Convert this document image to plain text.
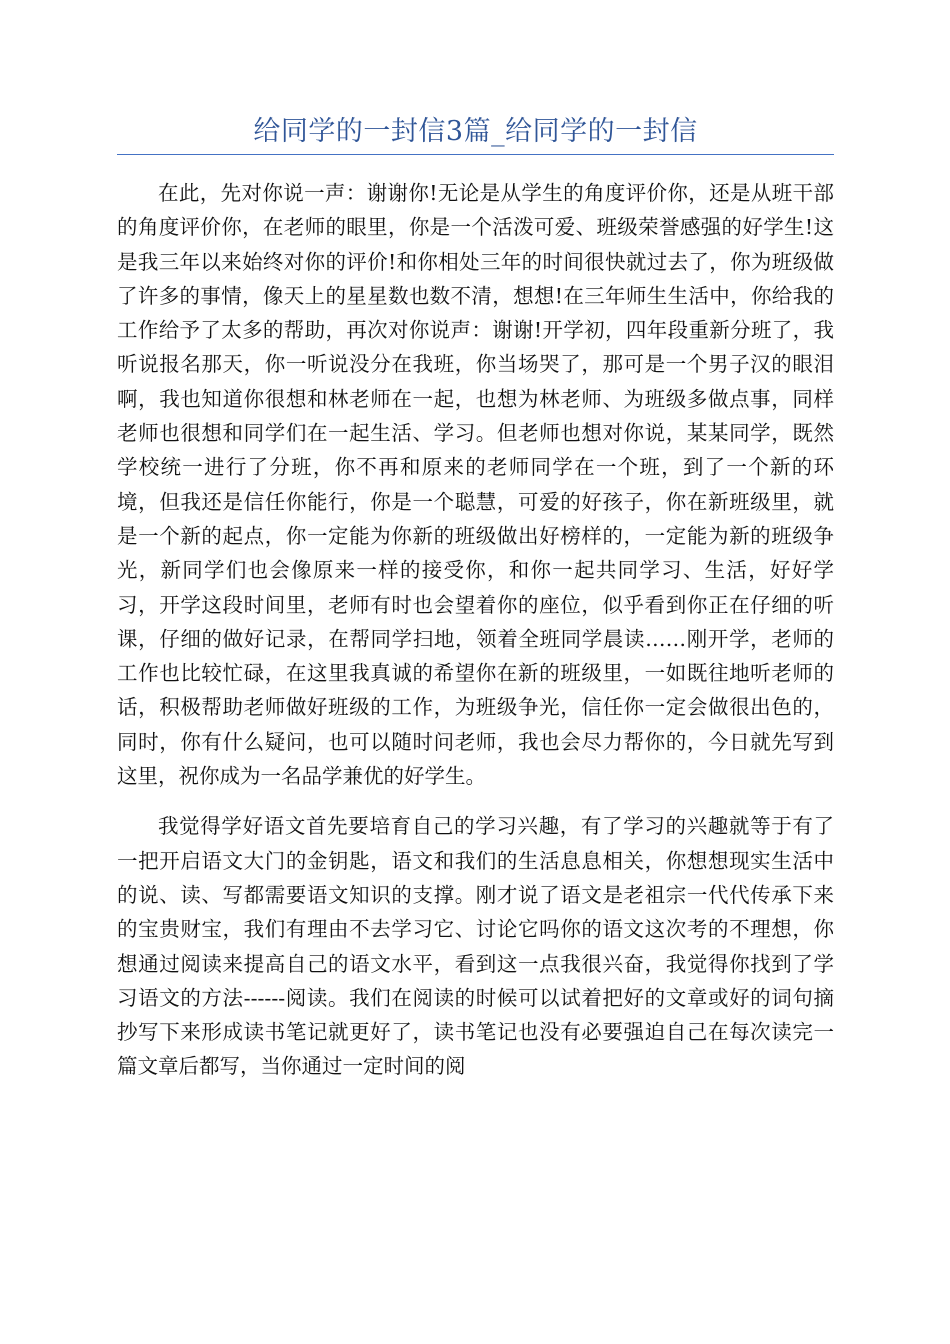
给同学的一封信3篇_给同学的一封信

在此，先对你说一声：谢谢你!无论是从学生的角度评价你，还是从班干部的角度评价你，在老师的眼里，你是一个活泼可爱、班级荣誉感强的好学生!这是我三年以来始终对你的评价!和你相处三年的时间很快就过去了，你为班级做了许多的事情，像天上的星星数也数不清，想想!在三年师生生活中，你给我的工作给予了太多的帮助，再次对你说声：谢谢!开学初，四年段重新分班了，我听说报名那天，你一听说没分在我班，你当场哭了，那可是一个男子汉的眼泪啊，我也知道你很想和林老师在一起，也想为林老师、为班级多做点事，同样老师也很想和同学们在一起生活、学习。但老师也想对你说，某某同学，既然学校统一进行了分班，你不再和原来的老师同学在一个班，到了一个新的环境，但我还是信任你能行，你是一个聪慧，可爱的好孩子，你在新班级里，就是一个新的起点，你一定能为你新的班级做出好榜样的，一定能为新的班级争光，新同学们也会像原来一样的接受你，和你一起共同学习、生活，好好学习，开学这段时间里，老师有时也会望着你的座位，似乎看到你正在仔细的听课，仔细的做好记录，在帮同学扫地，领着全班同学晨读……刚开学，老师的工作也比较忙碌，在这里我真诚的希望你在新的班级里，一如既往地听老师的话，积极帮助老师做好班级的工作，为班级争光，信任你一定会做很出色的，同时，你有什么疑问，也可以随时问老师，我也会尽力帮你的，今日就先写到这里，祝你成为一名品学兼优的好学生。

我觉得学好语文首先要培育自己的学习兴趣，有了学习的兴趣就等于有了一把开启语文大门的金钥匙，语文和我们的生活息息相关，你想想现实生活中的说、读、写都需要语文知识的支撑。刚才说了语文是老祖宗一代代传承下来的宝贵财宝，我们有理由不去学习它、讨论它吗你的语文这次考的不理想，你想通过阅读来提高自己的语文水平，看到这一点我很兴奋，我觉得你找到了学习语文的方法------阅读。我们在阅读的时候可以试着把好的文章或好的词句摘抄写下来形成读书笔记就更好了，读书笔记也没有必要强迫自己在每次读完一篇文章后都写，当你通过一定时间的阅
